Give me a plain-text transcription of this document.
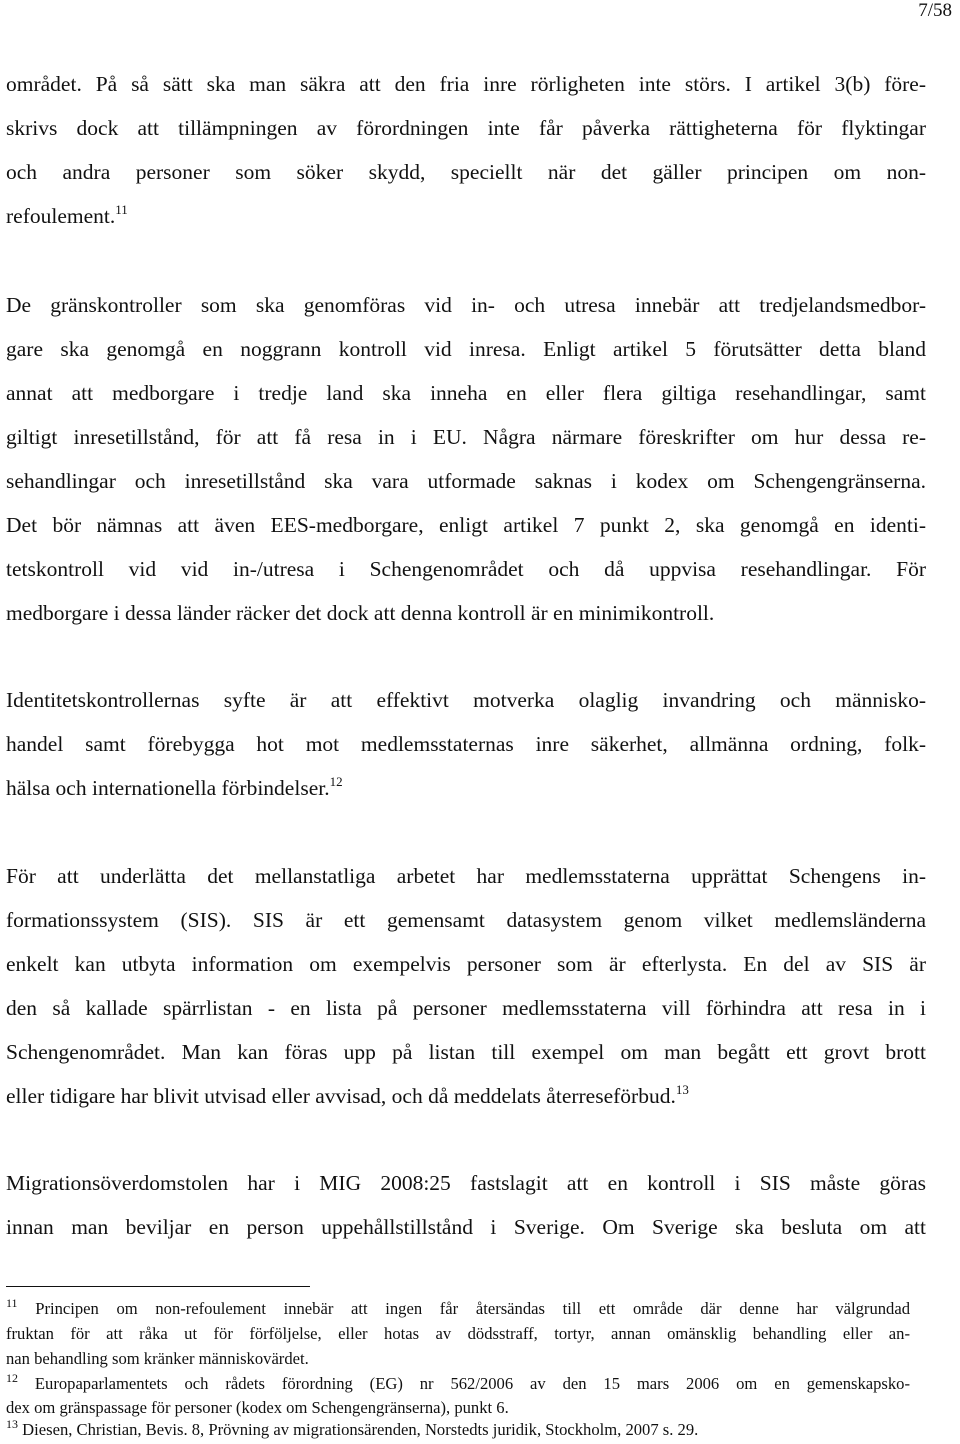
7/58
området. På så sätt ska man säkra att den fria inre rörligheten inte störs. I artikel 3(b) före-
skrivs dock att tillämpningen av förordningen inte får påverka rättigheterna för flyktingar
och andra personer som söker skydd, speciellt när det gäller principen om non-
refoulement.$^{11}$
De gränskontroller som ska genomföras vid in- och utresa innebär att tredjelandsmedbor-
gare ska genomgå en noggrann kontroll vid inresa. Enligt artikel 5 förutsätter detta bland
annat att medborgare i tredje land ska inneha en eller flera giltiga resehandlingar, samt
giltigt inresetillstånd, för att få resa in i EU. Några närmare föreskrifter om hur dessa re-
sehandlingar och inresetillstånd ska vara utformade saknas i kodex om Schengengränserna.
Det bör nämnas att även EES-medborgare, enligt artikel 7 punkt 2, ska genomgå en identi-
tetskontroll vid vid in-/utresa i Schengenområdet och då uppvisa resehandlingar. För
medborgare i dessa länder räcker det dock att denna kontroll är en minimikontroll.
Identitetskontrollernas syfte är att effektivt motverka olaglig invandring och människo-
handel samt förebygga hot mot medlemsstaternas inre säkerhet, allmänna ordning, folk-
hälsa och internationella förbindelser.$^{12}$
För att underlätta det mellanstatliga arbetet har medlemsstaterna upprättat Schengens in-
formationssystem (SIS). SIS är ett gemensamt datasystem genom vilket medlemsländerna
enkelt kan utbyta information om exempelvis personer som är efterlysta. En del av SIS är
den så kallade spärrlistan - en lista på personer medlemsstaterna vill förhindra att resa in i
Schengenområdet. Man kan föras upp på listan till exempel om man begått ett grovt brott
eller tidigare har blivit utvisad eller avvisad, och då meddelats återreseförbud.$^{13}$
Migrationsöverdomstolen har i MIG 2008:25 fastslagit att en kontroll i SIS måste göras
innan man beviljar en person uppehållstillstånd i Sverige. Om Sverige ska besluta om att
$^{11}$ Principen om non-refoulement innebär att ingen får återsändas till ett område där denne har välgrundad
fruktan för att råka ut för förföljelse, eller hotas av dödsstraff, tortyr, annan omänsklig behandling eller an-
nan behandling som kränker människovärdet.
$^{12}$ Europaparlamentets och rådets förordning (EG) nr 562/2006 av den 15 mars 2006 om en gemenskapsko-
dex om gränspassage för personer (kodex om Schengengränserna), punkt 6.
$^{13}$ Diesen, Christian, Bevis. 8, Prövning av migrationsärenden, Norstedts juridik, Stockholm, 2007 s. 29.
